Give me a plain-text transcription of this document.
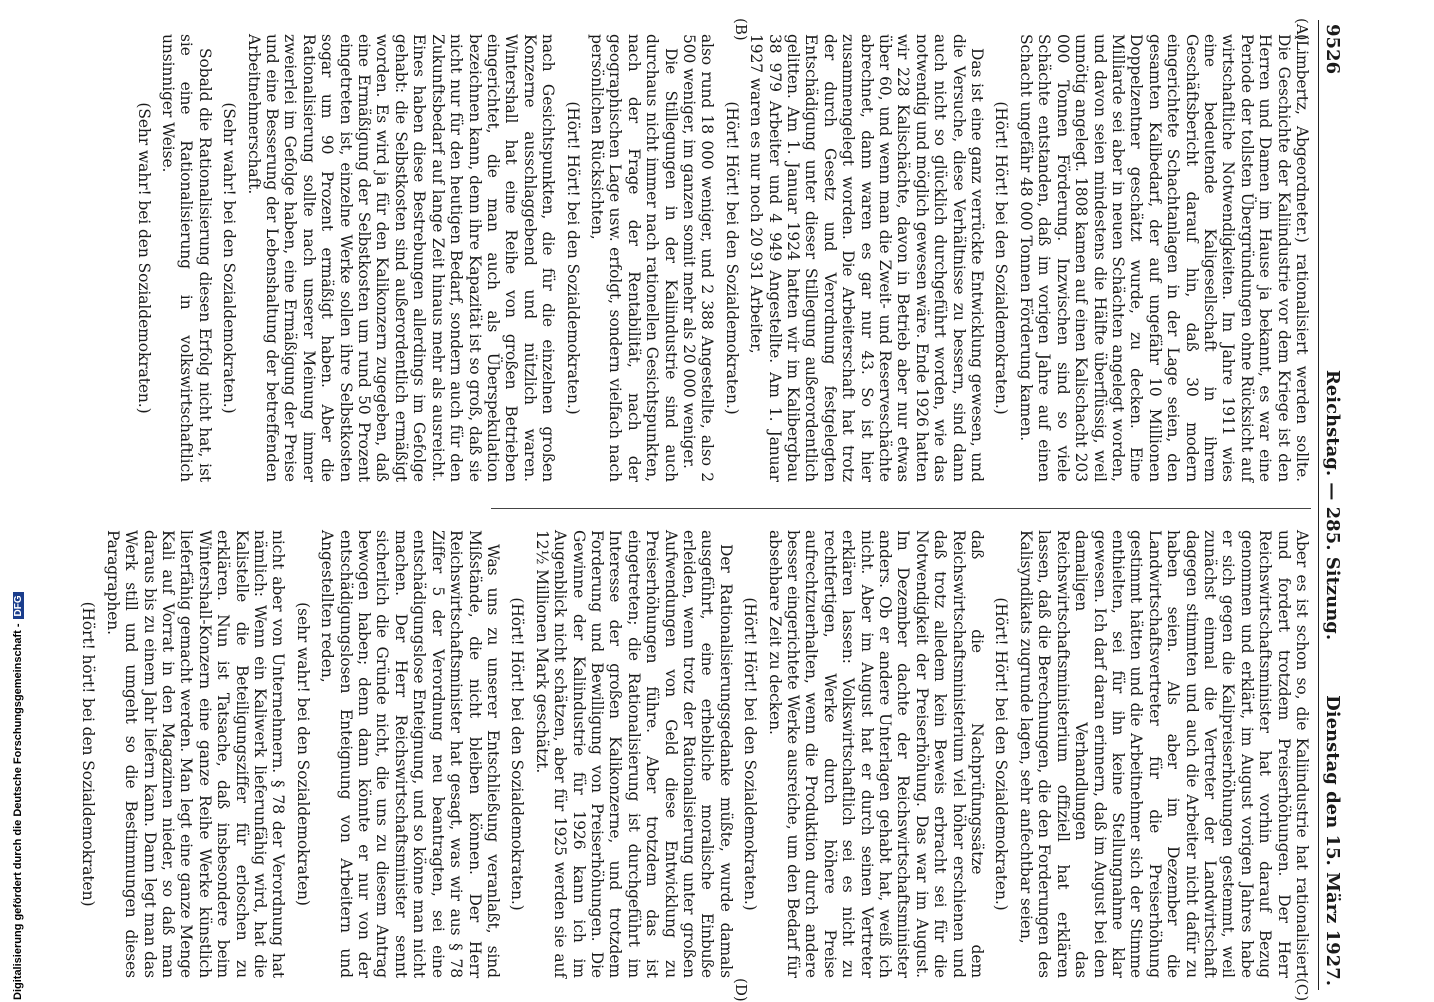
9526
Reichstag. — 285. Sitzung.
Dienstag den 15. März 1927.
(A)
(B)
(C)
(D)

(Limbertz, Abgeordneter.) rationalisiert werden sollte. Die Geschichte der Kaliindustrie vor dem Kriege ist den Herren und Damen im Hause ja bekannt, es war eine Periode der tollsten Übergründungen ohne Rücksicht auf wirtschaftliche Notwendigkeiten. Im Jahre 1911 wies eine bedeutende Kaligesellschaft in ihrem Geschäftsbericht darauf hin, daß 30 modern eingerichtete Schachtanlagen in der Lage seien, den gesamten Kalibedarf, der auf ungefähr 10 Millionen Doppelzentner geschätzt wurde, zu decken. Eine Milliarde sei aber in neuen Schächten angelegt worden, und davon seien mindestens die Hälfte überflüssig, weil unnötig angelegt. 1808 kamen auf einen Kalischacht 203 000 Tonnen Förderung. Inzwischen sind so viele Schächte entstanden, daß im vorigen Jahre auf einen Schacht ungefähr 48 000 Tonnen Förderung kamen.

(Hört! Hört! bei den Sozialdemokraten.)

Das ist eine ganz verrückte Entwicklung gewesen, und die Versuche, diese Verhältnisse zu bessern, sind dann auch nicht so glücklich durchgeführt worden, wie das notwendig und möglich gewesen wäre. Ende 1926 hatten wir 228 Kalischächte, davon in Betrieb aber nur etwas über 60, und wenn man die Zweit- und Reserveschächte abrechnet, dann waren es gar nur 43. So ist hier zusammengelegt worden. Die Arbeiterschaft hat trotz der durch Gesetz und Verordnung festgelegten Entschädigung unter dieser Stillegung außerordentlich gelitten. Am 1. Januar 1924 hatten wir im Kalibergbau 38 979 Arbeiter und 4 949 Angestellte. Am 1. Januar 1927 waren es nur noch 20 931 Arbeiter,

(Hört! Hört! bei den Sozialdemokraten.)

also rund 18 000 weniger, und 2 388 Angestellte, also 2 500 weniger, im ganzen somit mehr als 20 000 weniger.

Die Stillegungen in der Kaliindustrie sind auch durchaus nicht immer nach rationellen Gesichtspunkten, nach der Frage der Rentabilität, nach der geographischen Lage usw. erfolgt, sondern vielfach nach persönlichen Rücksichten,

(Hört! Hört! bei den Sozialdemokraten.)

nach Gesichtspunkten, die für die einzelnen großen Konzerne ausschlaggebend und nützlich waren. Wintershall hat eine Reihe von großen Betrieben eingerichtet, die man auch als Überspekulation bezeichnen kann, denn ihre Kapazität ist so groß, daß sie nicht nur für den heutigen Bedarf, sondern auch für den Zukunftsbedarf auf lange Zeit hinaus mehr als ausreicht. Eines haben diese Bestrebungen allerdings im Gefolge gehabt: die Selbstkosten sind außerordentlich ermäßigt worden. Es wird ja für den Kalikonzern zugegeben, daß eine Ermäßigung der Selbstkosten um rund 50 Prozent eingetreten ist, einzelne Werke sollen ihre Selbstkosten sogar um 90 Prozent ermäßigt haben. Aber die Rationalisierung sollte nach unserer Meinung immer zweierlei im Gefolge haben, eine Ermäßigung der Preise und eine Besserung der Lebenshaltung der betreffenden Arbeitnehmerschaft.

(Sehr wahr! bei den Sozialdemokraten.)

Sobald die Rationalisierung diesen Erfolg nicht hat, ist sie eine Rationalisierung in volkswirtschaftlich unsinniger Weise.

(Sehr wahr! bei den Sozialdemokraten.)

Aber es ist schon so, die Kaliindustrie hat rationalisiert und fordert trotzdem Preiserhöhungen. Der Herr Reichswirtschaftsminister hat vorhin darauf Bezug genommen und erklärt, im August vorigen Jahres habe er sich gegen die Kalipreiserhöhungen gestemmt, weil zunächst einmal die Vertreter der Landwirtschaft dagegen stimmten und auch die Arbeiter nicht dafür zu haben seien. Als aber im Dezember die Landwirtschaftsvertreter für die Preiserhöhung gestimmt hätten und die Arbeitnehmer sich der Stimme enthielten, sei für ihn keine Stellungnahme klar gewesen. Ich darf daran erinnern, daß im August bei den damaligen Verhandlungen das Reichswirtschaftsministerium offiziell hat erklären lassen, daß die Berechnungen, die den Forderungen des Kalisyndikats zugrunde lagen, sehr anfechtbar seien,

(Hört! Hört! bei den Sozialdemokraten.)

daß die Nachprüfungssätze dem Reichswirtschaftsministerium viel höher erschienen und daß trotz alledem kein Beweis erbracht sei für die Notwendigkeit der Preiserhöhung. Das war im August. Im Dezember dachte der Reichswirtschaftsminister anders. Ob er andere Unterlagen gehabt hat, weiß ich nicht. Aber im August hat er durch seinen Vertreter erklären lassen: Volkswirtschaftlich sei es nicht zu rechtfertigen, Werke durch höhere Preise aufrechtzuerhalten, wenn die Produktion durch andere besser eingerichtete Werke ausreiche, um den Bedarf für absehbare Zeit zu decken.

(Hört! Hört! bei den Sozialdemokraten.)

Der Rationalisierungsgedanke müßte, wurde damals ausgeführt, eine erhebliche moralische Einbuße erleiden, wenn trotz der Rationalisierung unter großen Aufwendungen von Geld diese Entwicklung zu Preiserhöhungen führe. Aber trotzdem das ist eingetreten; die Rationalisierung ist durchgeführt im Interesse der großen Kalikonzerne, und trotzdem Forderung und Bewilligung von Preiserhöhungen. Die Gewinne der Kaliindustrie für 1926 kann ich im Augenblick nicht schätzen, aber für 1925 werden sie auf 12½ Millionen Mark geschätzt.

(Hört! Hört! bei den Sozialdemokraten.)

Was uns zu unserer Entschließung veranlaßt, sind Mißstände, die nicht bleiben können. Der Herr Reichswirtschaftsminister hat gesagt, was wir aus § 78 Ziffer 5 der Verordnung neu beantragten, sei eine entschädigungslose Enteignung, und so könne man nicht machen. Der Herr Reichswirtschaftsminister sennt sicherlich die Gründe nicht, die uns zu diesem Antrag bewogen haben; denn dann könnte er nur von der entschädigungslosen Enteignung von Arbeitern und Angestellten reden,

(sehr wahr! bei den Sozialdemokraten)

nicht aber von Unternehmern. § 78 der Verordnung hat nämlich: Wenn ein Kaliwerk lieferunfähig wird, hat die Kalistelle die Beteiligungsziffer für erloschen zu erklären. Nun ist Tatsache, daß insbesondere beim Wintershall-Konzern eine ganze Reihe Werke künstlich lieferfähig gemacht werden. Man legt eine ganze Menge Kali auf Vorrat in den Magazinen nieder, so daß man daraus bis zu einem Jahr liefern kann. Dann legt man das Werk still und umgeht so die Bestimmungen dieses Paragraphen.

(Hört! hört! bei den Sozialdemokraten)

Digitalisierung gefördert durch die Deutsche Forschungsgemeinschaft -DFG
